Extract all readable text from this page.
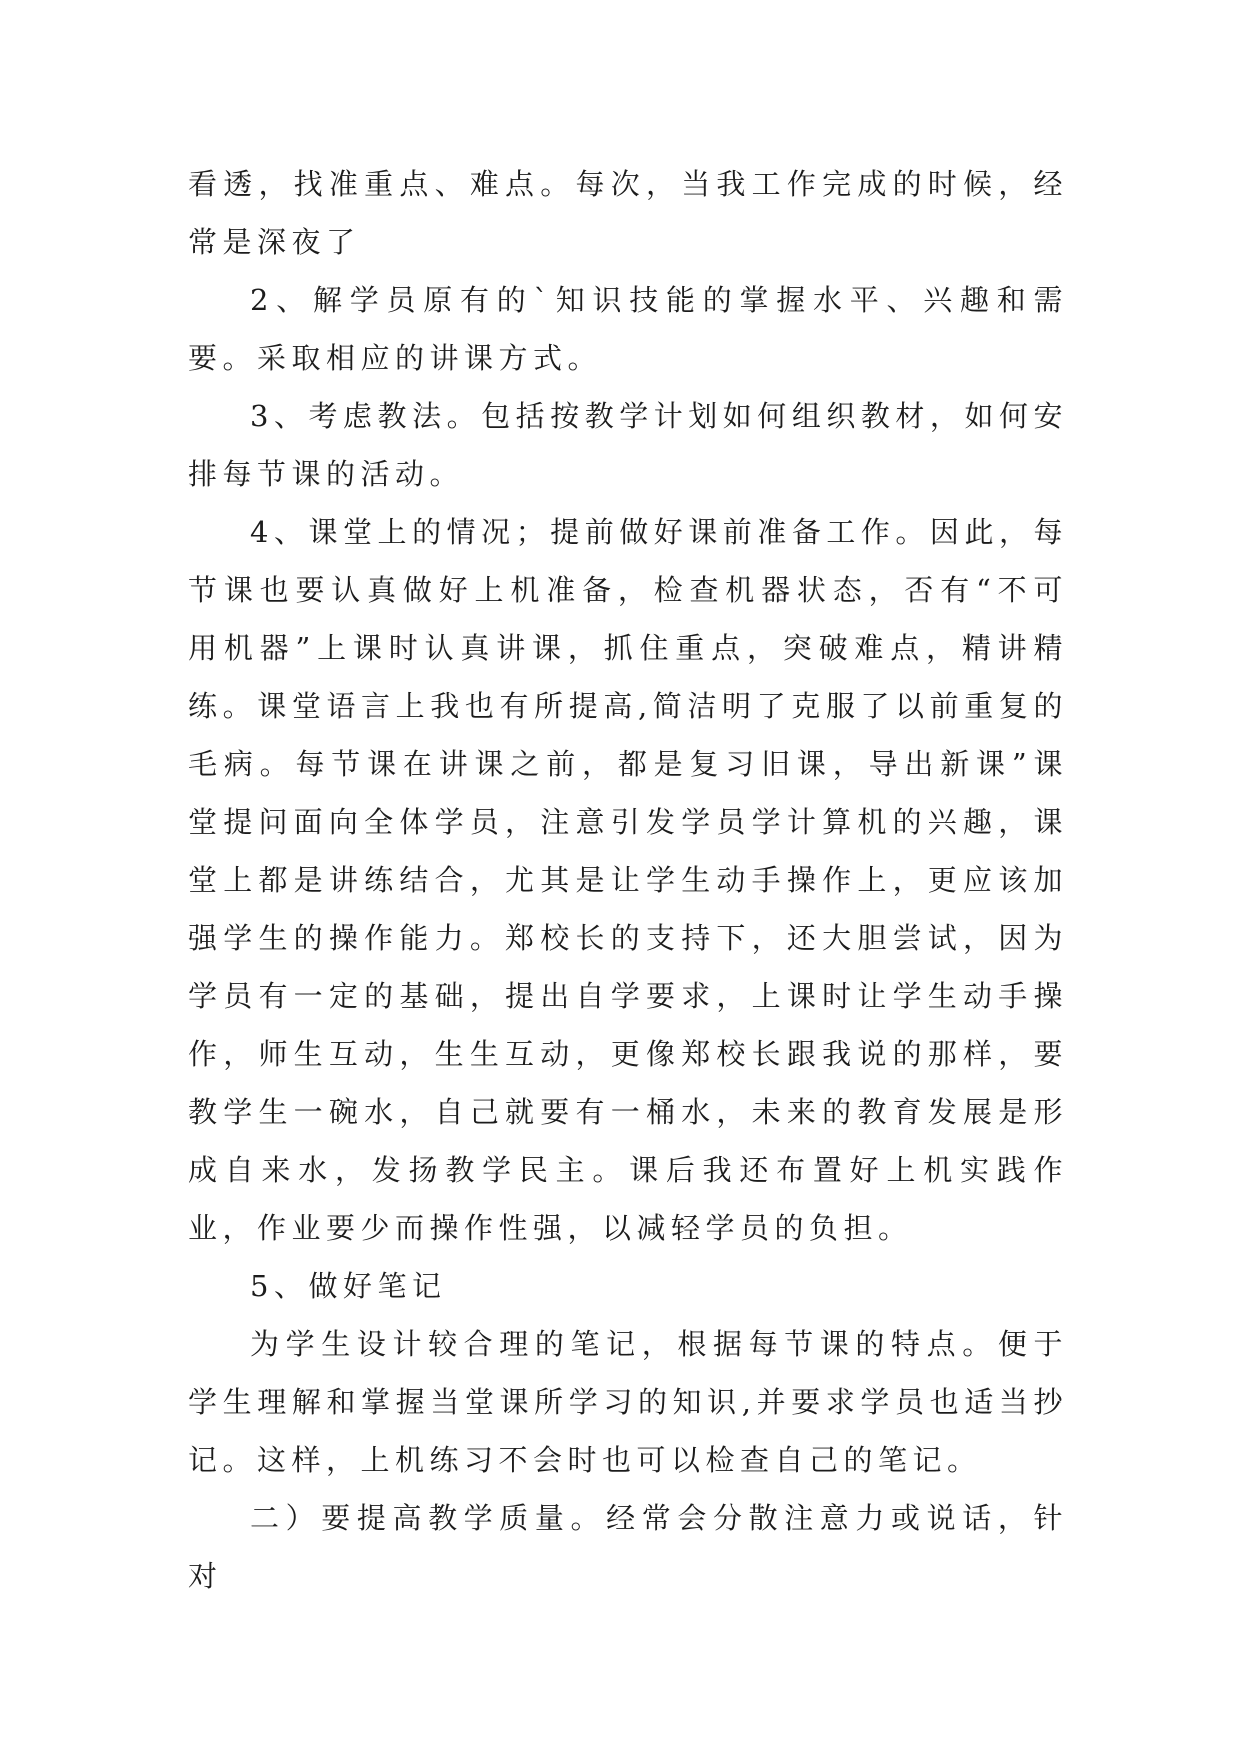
看透，找准重点、难点。每次，当我工作完成的时候，经常是深夜了

2、解学员原有的`知识技能的掌握水平、兴趣和需要。采取相应的讲课方式。

3、考虑教法。包括按教学计划如何组织教材，如何安排每节课的活动。

4、课堂上的情况；提前做好课前准备工作。因此，每节课也要认真做好上机准备，检查机器状态，否有“不可用机器”上课时认真讲课，抓住重点，突破难点，精讲精练。课堂语言上我也有所提高,简洁明了克服了以前重复的毛病。每节课在讲课之前，都是复习旧课，导出新课”课堂提问面向全体学员，注意引发学员学计算机的兴趣，课堂上都是讲练结合，尤其是让学生动手操作上，更应该加强学生的操作能力。郑校长的支持下，还大胆尝试，因为学员有一定的基础，提出自学要求，上课时让学生动手操作，师生互动，生生互动，更像郑校长跟我说的那样，要教学生一碗水，自己就要有一桶水，未来的教育发展是形成自来水，发扬教学民主。课后我还布置好上机实践作业，作业要少而操作性强，以减轻学员的负担。

5、做好笔记

为学生设计较合理的笔记，根据每节课的特点。便于学生理解和掌握当堂课所学习的知识,并要求学员也适当抄记。这样，上机练习不会时也可以检查自己的笔记。

二）要提高教学质量。经常会分散注意力或说话，针对
